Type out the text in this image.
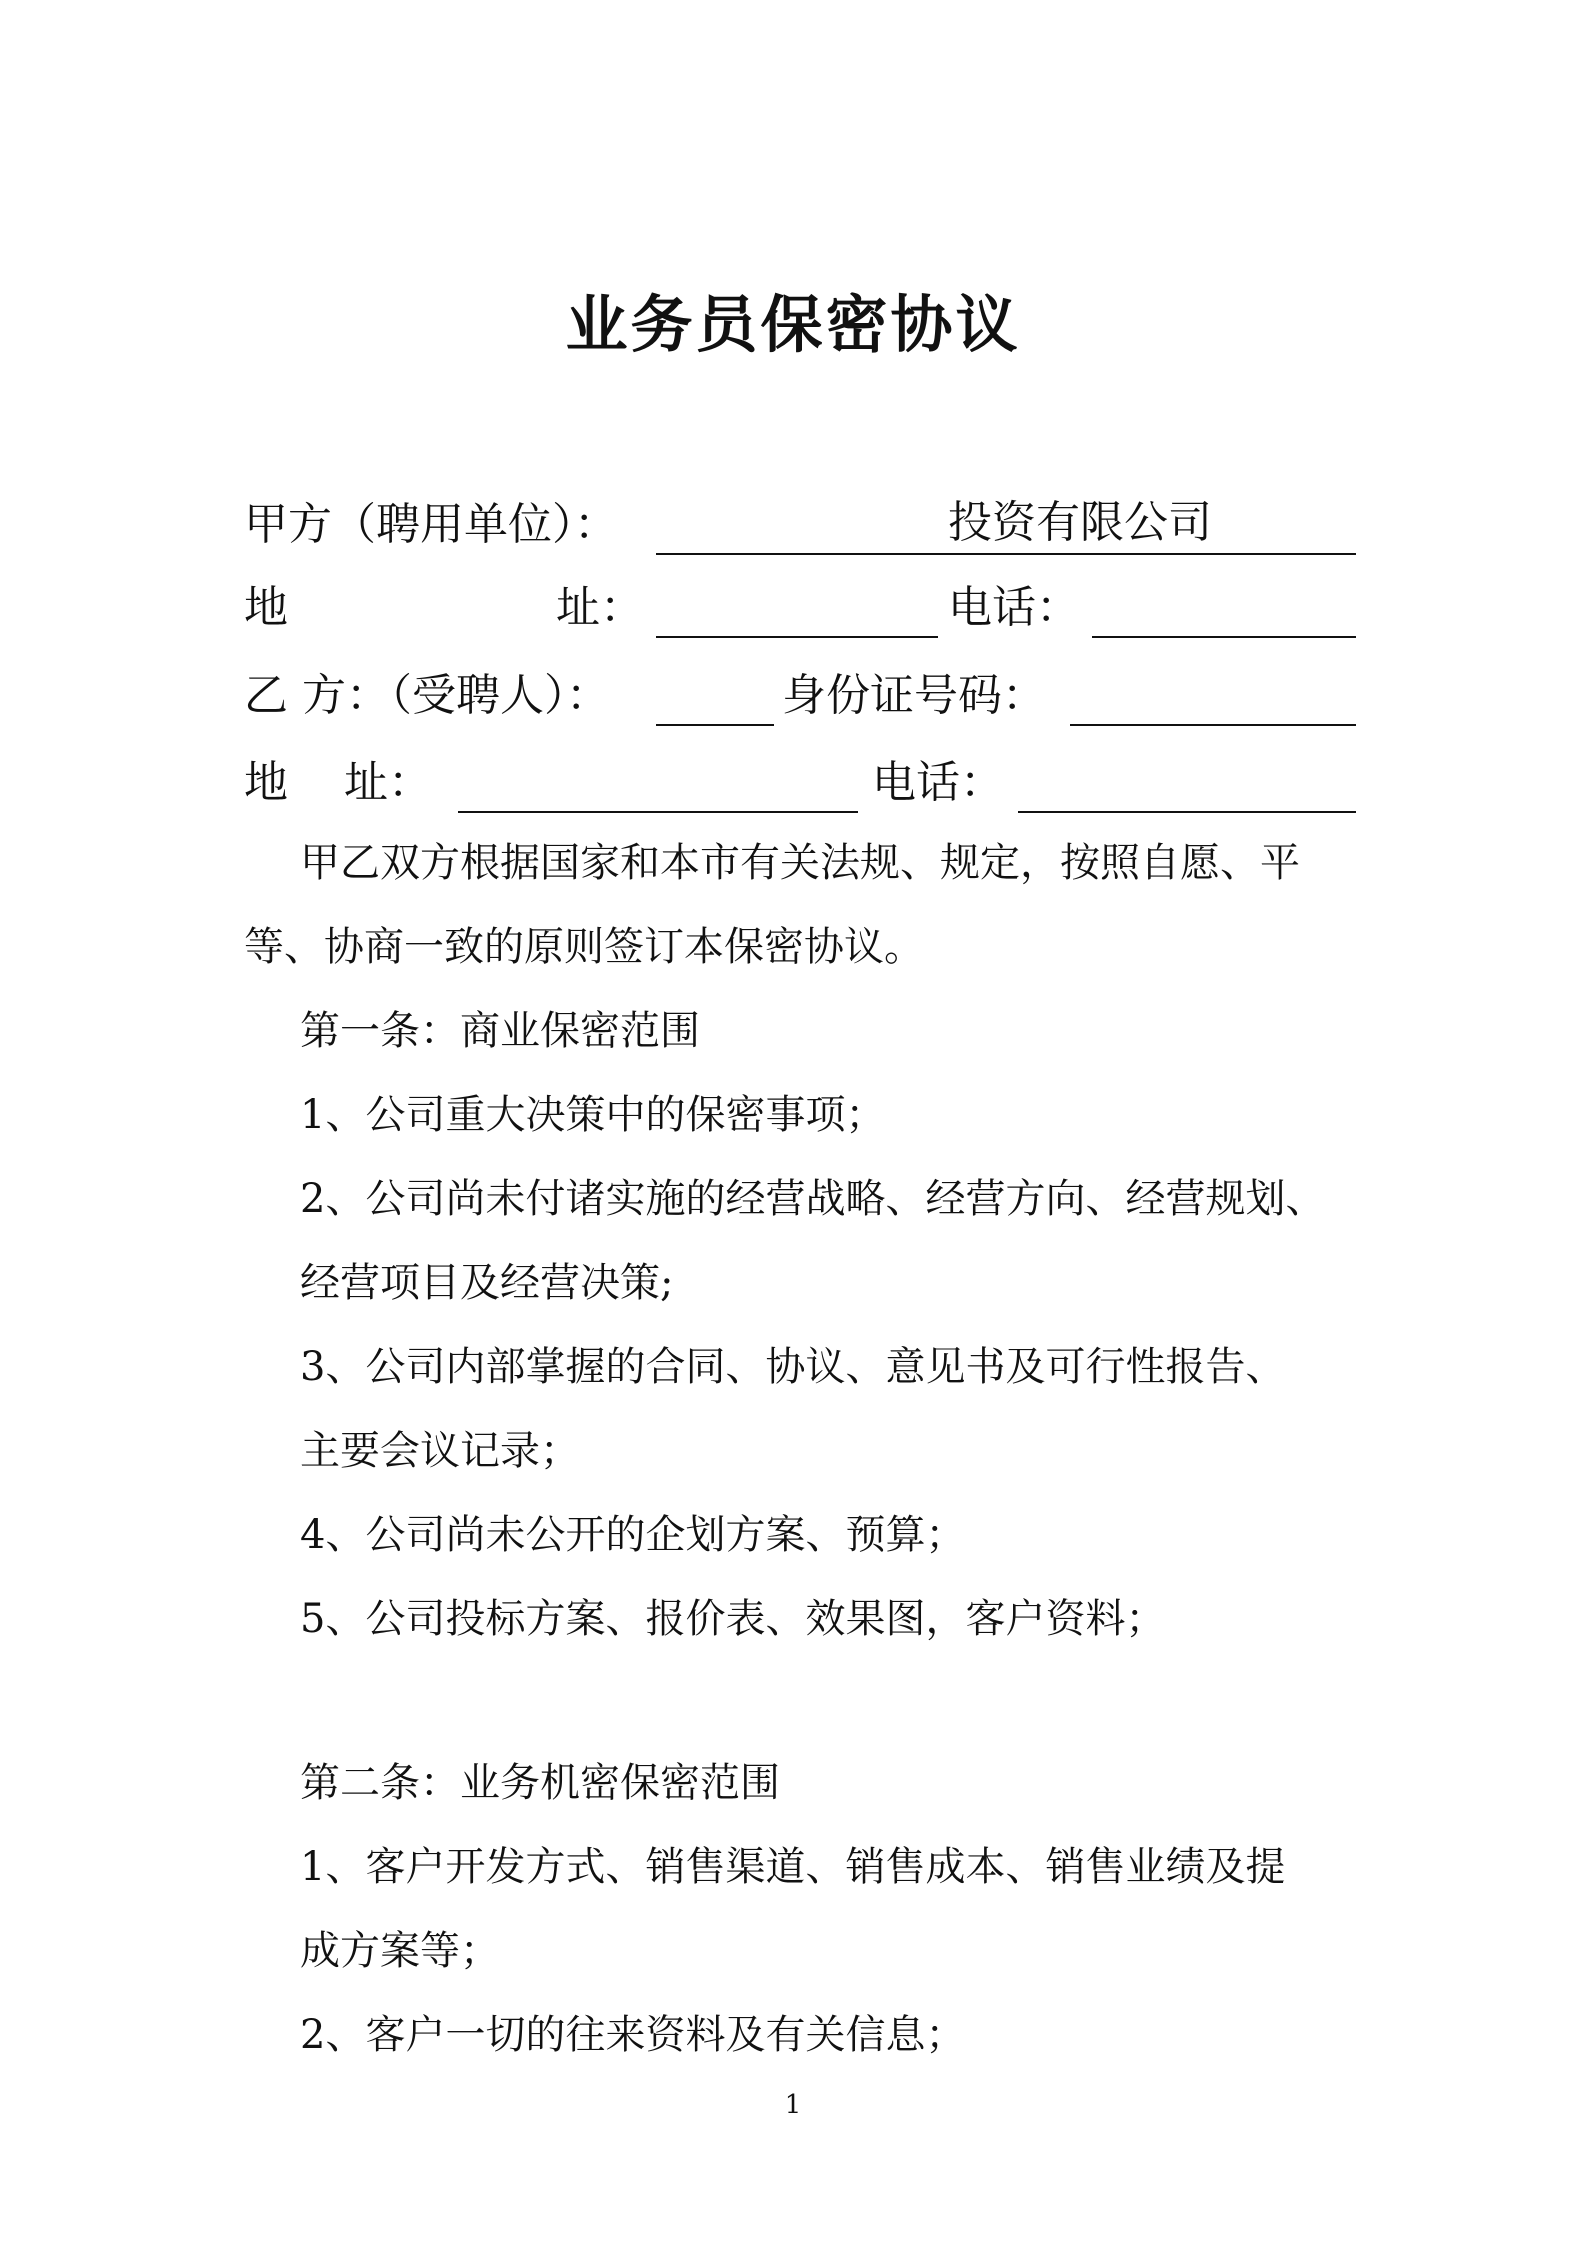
业务员保密协议
甲方（聘用单位）：	投资有限公司
地	址：	电话：
乙 方：（受聘人）：	身份证号码：
地    址：	电话：
甲乙双方根据国家和本市有关法规、规定，按照自愿、平
等、协商一致的原则签订本保密协议。
第一条：商业保密范围
1、公司重大决策中的保密事项；
2、公司尚未付诸实施的经营战略、经营方向、经营规划、
经营项目及经营决策;
3、公司内部掌握的合同、协议、意见书及可行性报告、
主要会议记录；
4、公司尚未公开的企划方案、预算；
5、公司投标方案、报价表、效果图，客户资料；
第二条：业务机密保密范围
1、客户开发方式、销售渠道、销售成本、销售业绩及提
成方案等；
2、客户一切的往来资料及有关信息；
1
